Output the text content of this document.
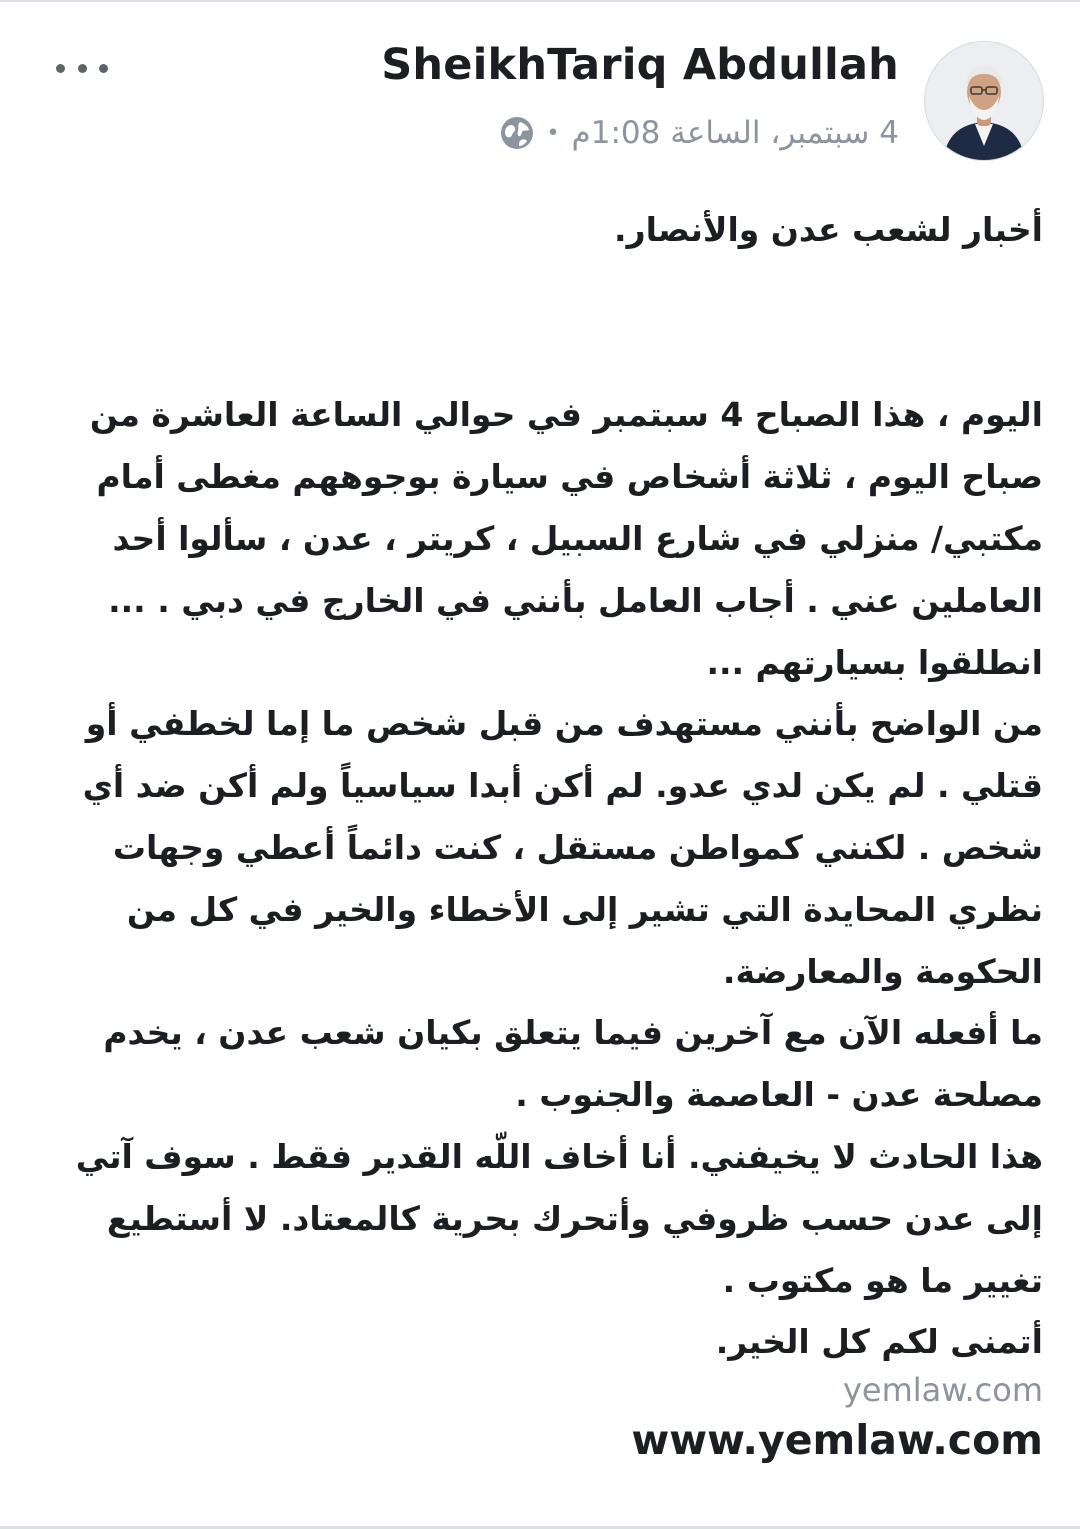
SheikhTariq Abdullah
4 سبتمبر، الساعة 1:08م
•

أخبار لشعب عدن والأنصار.

اليوم ، هذا الصباح 4 سبتمبر في حوالي الساعة العاشرة من صباح اليوم ، ثلاثة أشخاص في سيارة بوجوههم مغطى أمام مكتبي/ منزلي في شارع السبيل ، كريتر ، عدن ، سألوا أحد العاملين عني . أجاب العامل بأنني في الخارج في دبي . ... انطلقوا بسيارتهم ...

من الواضح بأنني مستهدف من قبل شخص ما إما لخطفي أو قتلي . لم يكن لدي عدو. لم أكن أبدا سياسياً ولم أكن ضد أي شخص . لكنني كمواطن مستقل ، كنت دائماً أعطي وجهات نظري المحايدة التي تشير إلى الأخطاء والخير في كل من الحكومة والمعارضة.

ما أفعله الآن مع آخرين فيما يتعلق بكيان شعب عدن ، يخدم مصلحة عدن - العاصمة والجنوب .

هذا الحادث لا يخيفني. أنا أخاف اللّه القدير فقط . سوف آتي إلى عدن حسب ظروفي وأتحرك بحرية كالمعتاد. لا أستطيع تغيير ما هو مكتوب .

أتمنى لكم كل الخير.

yemlaw.com
www.yemlaw.com
